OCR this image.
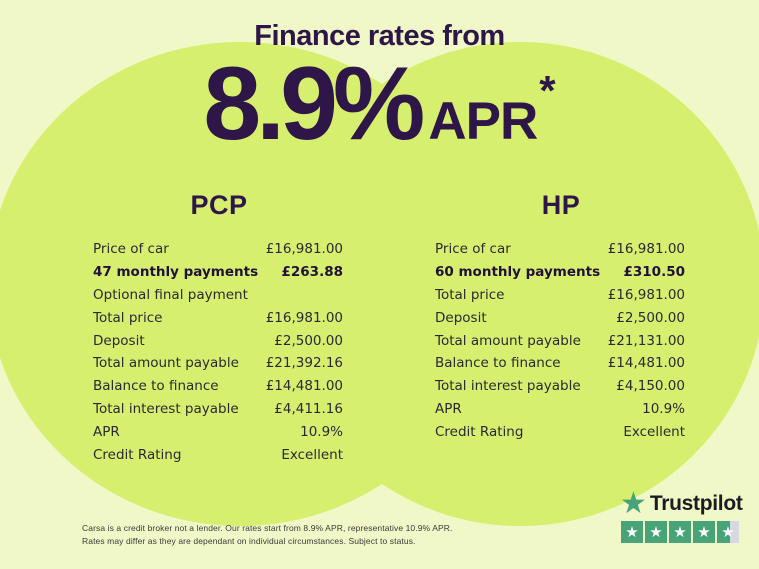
Finance rates from
8.9% APR
*
PCP	HP
Price of car	£16,981.00
47 monthly payments £263.88
Optional final payment
Total price	£16,981.00
Deposit	£2,500.00
Total amount payable £21,392.16
Balance to finance	£14,481.00
Total interest payable	£4,411.16
APR	10.9%
Credit Rating	Excellent
Price of car	£16,981.00
60 monthly payments £310.50
Total price	£16,981.00
Deposit	£2,500.00
Total amount payable £21,131.00
Balance to finance	£14,481.00
Total interest payable	£4,150.00
APR	10.9%
Credit Rating	Excellent
Carsa is a credit broker not a lender. Our rates start from 8.9% APR, representative 10.9% APR.
Rates may differ as they are dependant on individual circumstances. Subject to status.
★ Trustpilot
★ ★ ★ ★ ★
